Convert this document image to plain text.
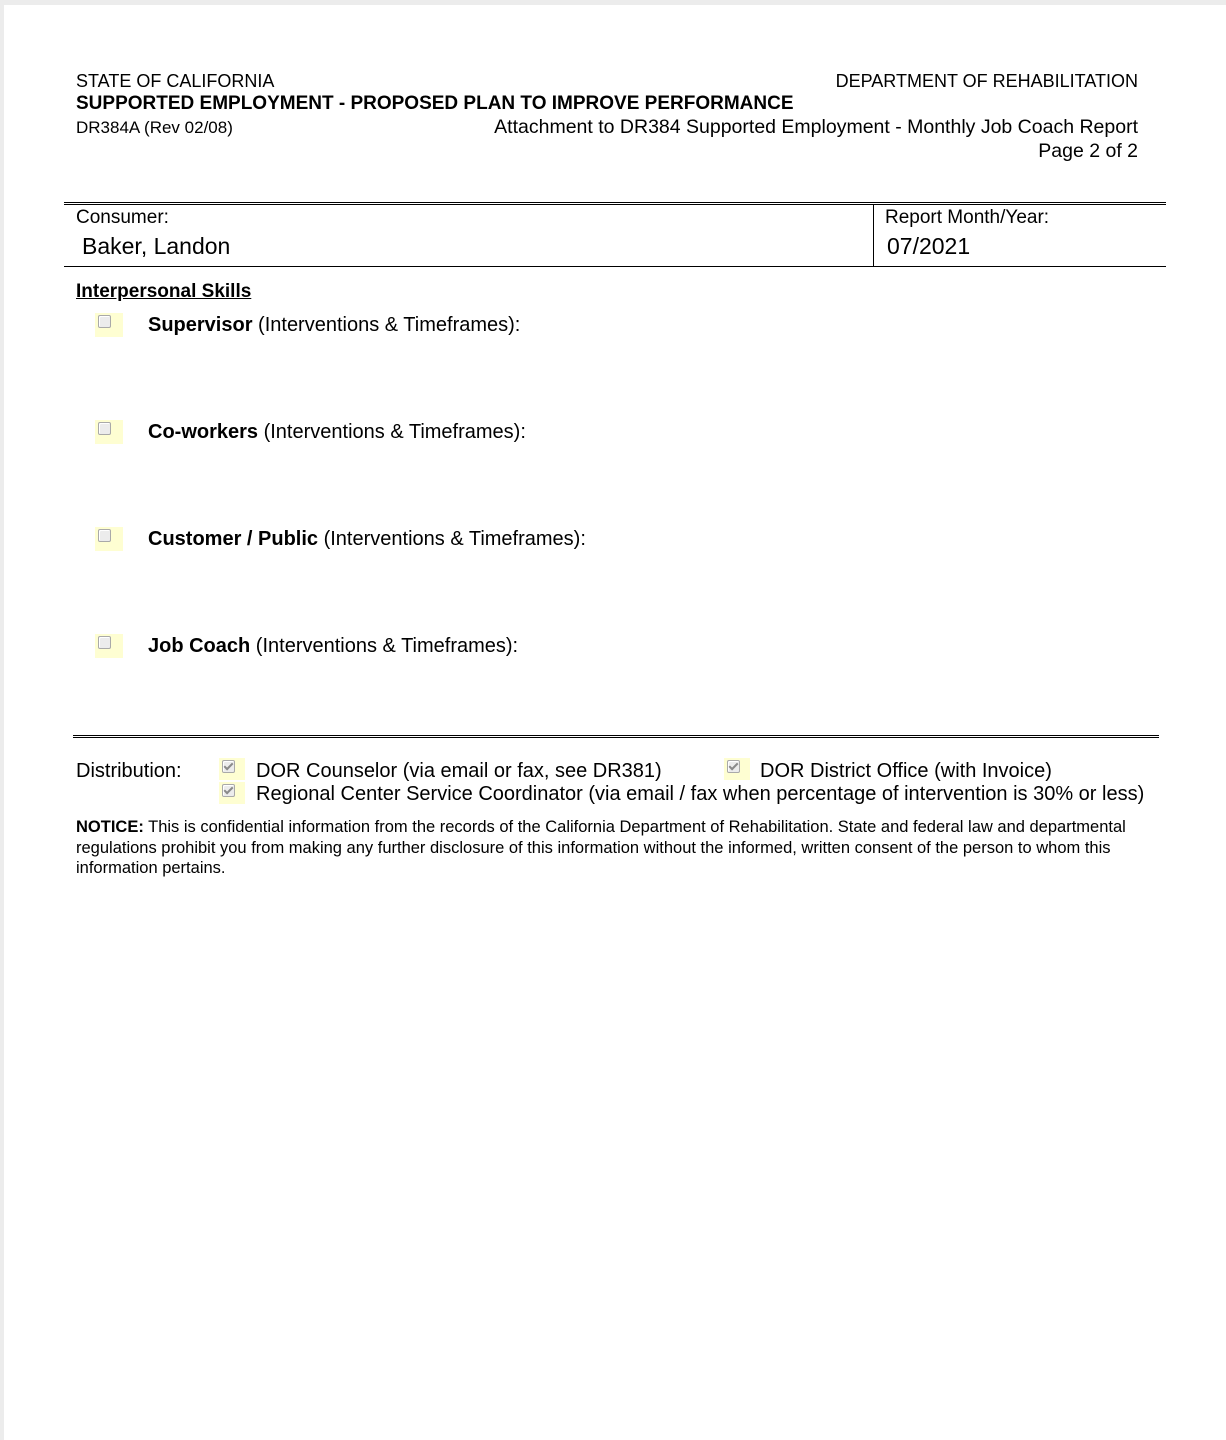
STATE OF CALIFORNIA	DEPARTMENT OF REHABILITATION
SUPPORTED EMPLOYMENT - PROPOSED PLAN TO IMPROVE PERFORMANCE
DR384A (Rev 02/08)	Attachment to DR384 Supported Employment - Monthly Job Coach Report
Page 2 of 2
Consumer:
Baker, Landon
Report Month/Year:
07/2021
Interpersonal Skills
Supervisor (Interventions & Timeframes):
Co-workers (Interventions & Timeframes):
Customer / Public (Interventions & Timeframes):
Job Coach (Interventions & Timeframes):
Distribution:	DOR Counselor (via email or fax, see DR381)	DOR District Office (with Invoice)
Regional Center Service Coordinator (via email / fax when percentage of intervention is 30% or less)
NOTICE: This is confidential information from the records of the California Department of Rehabilitation. State and federal law and departmental regulations prohibit you from making any further disclosure of this information without the informed, written consent of the person to whom this information pertains.
